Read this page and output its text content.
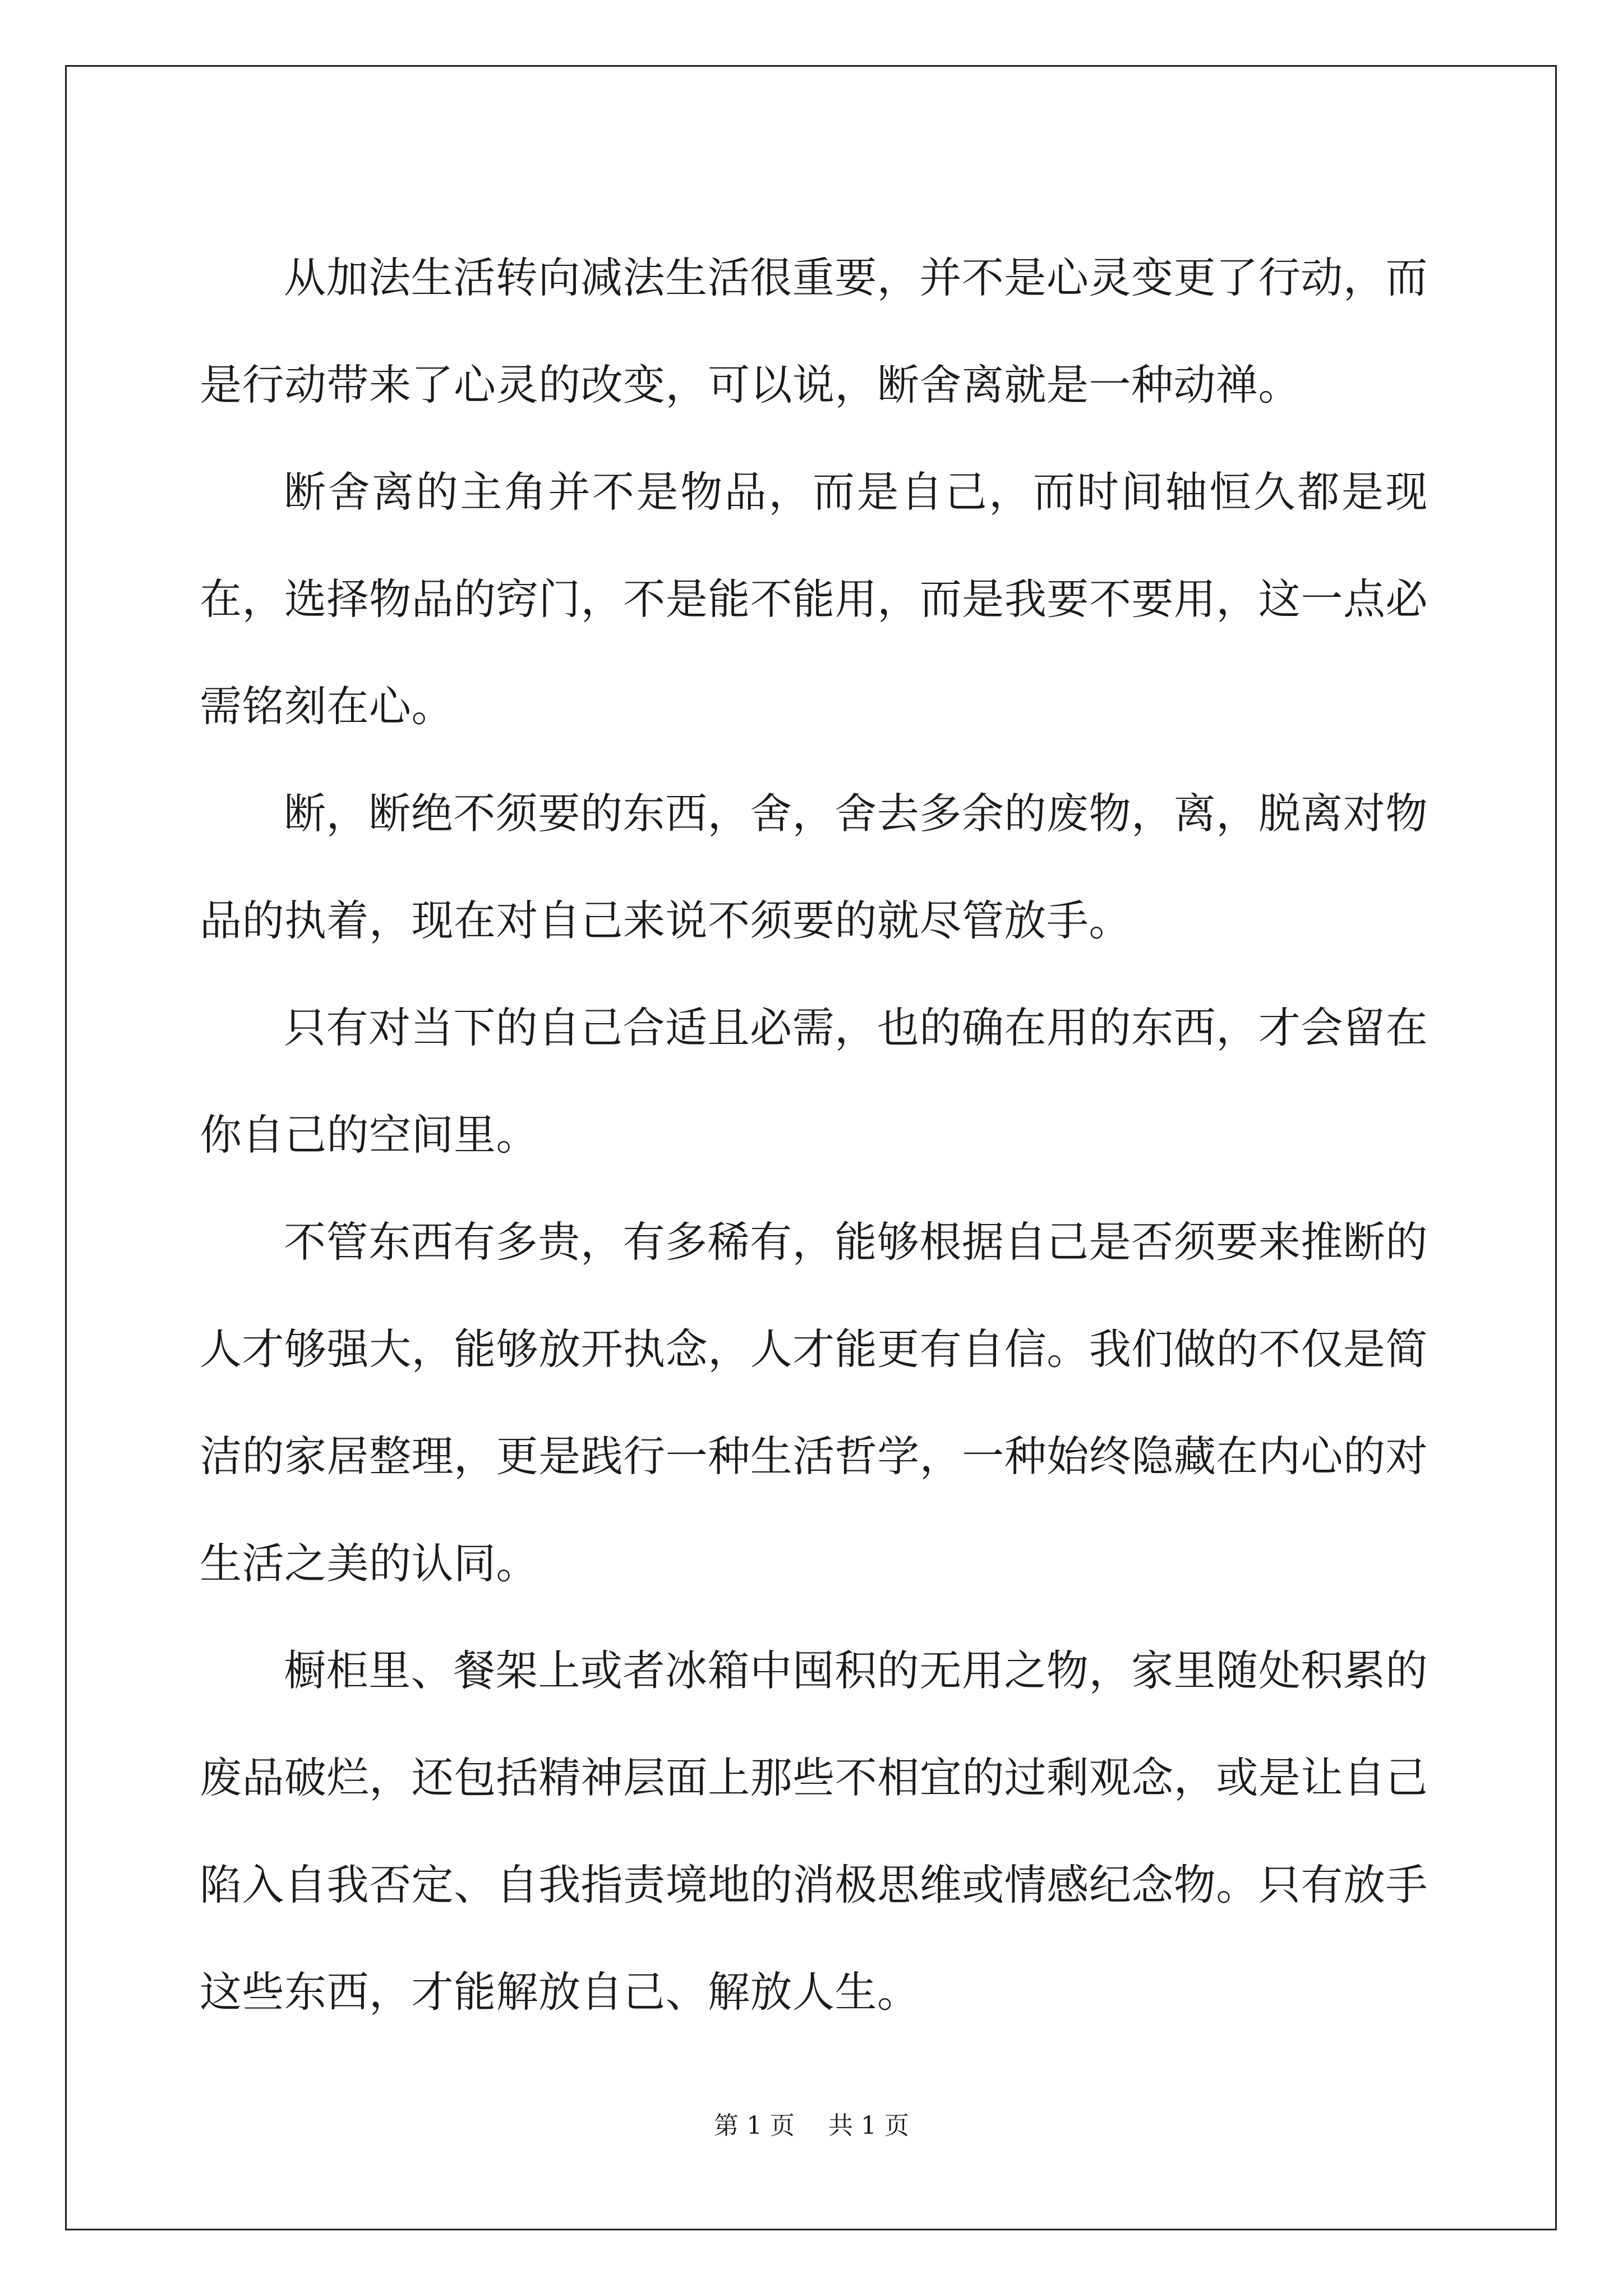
从加法生活转向减法生活很重要，并不是心灵变更了行动，而是行动带来了心灵的改变，可以说，断舍离就是一种动禅。

断舍离的主角并不是物品，而是自己，而时间轴恒久都是现在，选择物品的窍门，不是能不能用，而是我要不要用，这一点必需铭刻在心。

断，断绝不须要的东西，舍，舍去多余的废物，离，脱离对物品的执着，现在对自己来说不须要的就尽管放手。

只有对当下的自己合适且必需，也的确在用的东西，才会留在你自己的空间里。

不管东西有多贵，有多稀有，能够根据自己是否须要来推断的人才够强大，能够放开执念，人才能更有自信。我们做的不仅是简洁的家居整理，更是践行一种生活哲学，一种始终隐藏在内心的对生活之美的认同。

橱柜里、餐架上或者冰箱中囤积的无用之物，家里随处积累的废品破烂，还包括精神层面上那些不相宜的过剩观念，或是让自己陷入自我否定、自我指责境地的消极思维或情感纪念物。只有放手这些东西，才能解放自己、解放人生。

第 1 页 共 1 页
